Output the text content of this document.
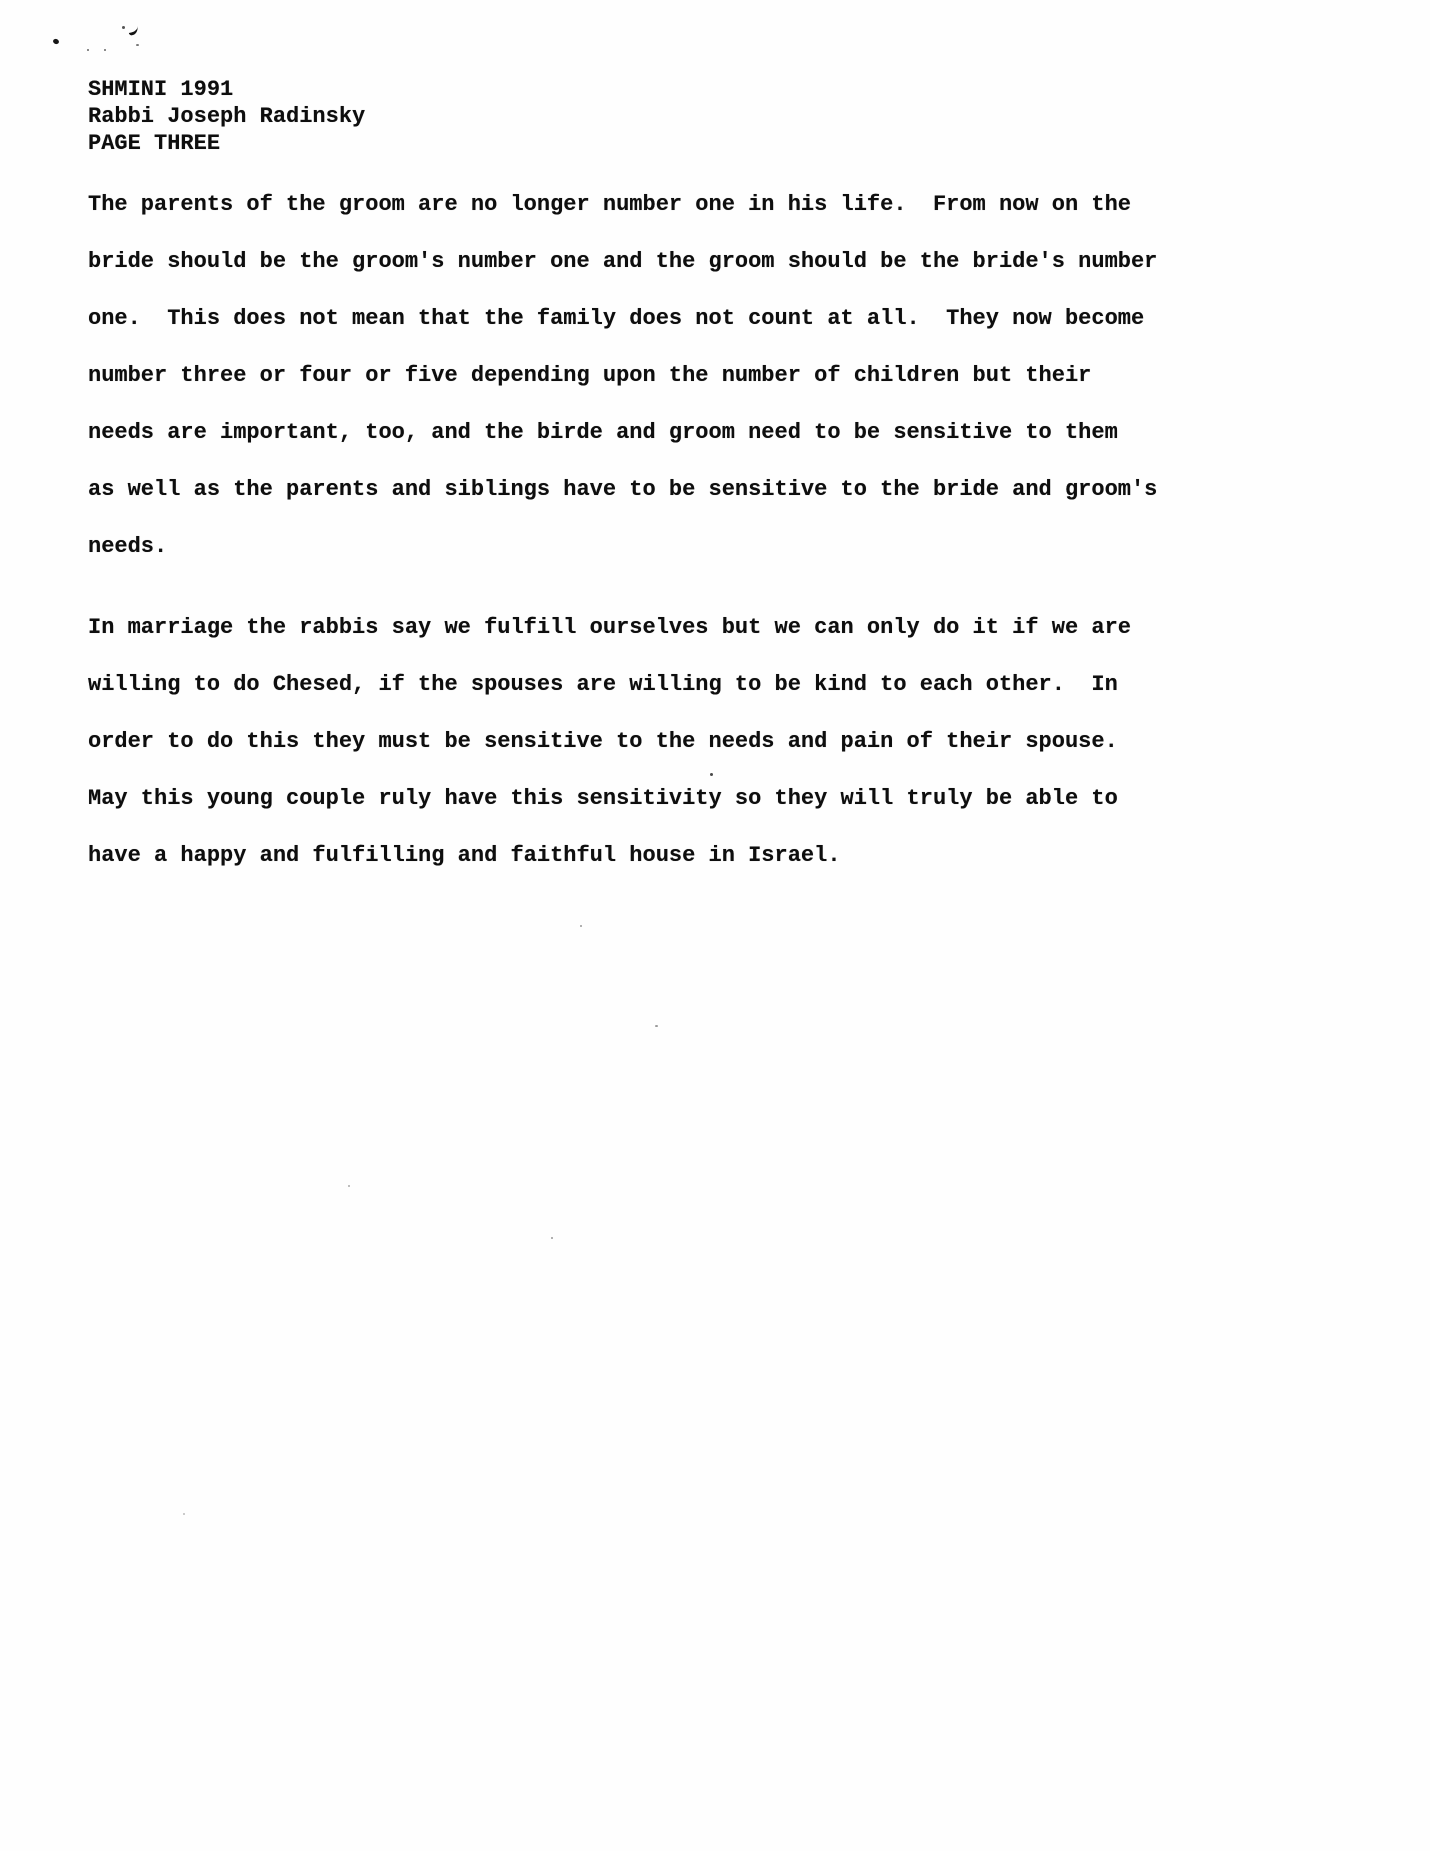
SHMINI 1991
Rabbi Joseph Radinsky
PAGE THREE
The parents of the groom are no longer number one in his life.  From now on the
bride should be the groom's number one and the groom should be the bride's number
one.  This does not mean that the family does not count at all.  They now become
number three or four or five depending upon the number of children but their
needs are important, too, and the birde and groom need to be sensitive to them
as well as the parents and siblings have to be sensitive to the bride and groom's
needs.
In marriage the rabbis say we fulfill ourselves but we can only do it if we are
willing to do Chesed, if the spouses are willing to be kind to each other.  In
order to do this they must be sensitive to the needs and pain of their spouse.
May this young couple ruly have this sensitivity so they will truly be able to
have a happy and fulfilling and faithful house in Israel.
